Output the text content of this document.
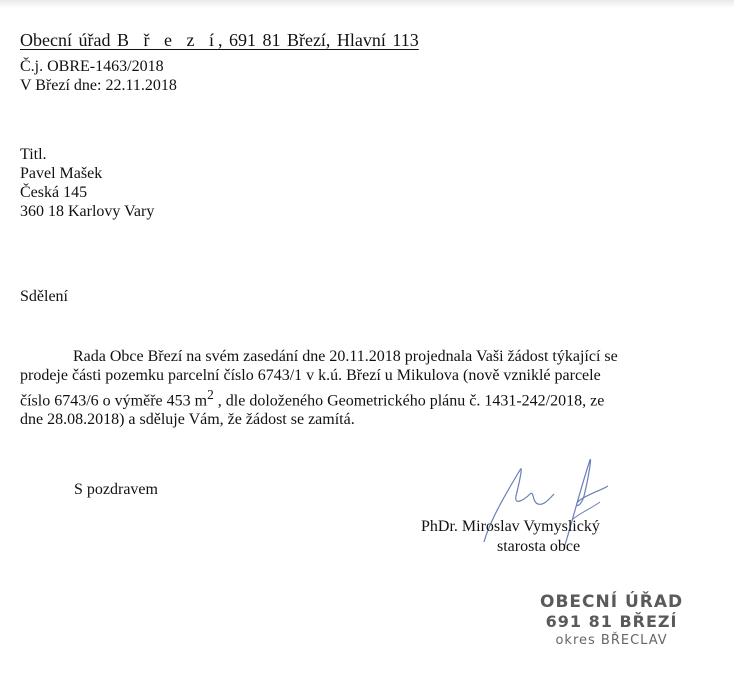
Obecní úřad B ř e z í, 691 81 Březí, Hlavní 113
Č.j. OBRE-1463/2018
V Březí dne: 22.11.2018
Titl.
Pavel Mašek
Česká 145
360 18 Karlovy Vary
Sdělení

Rada Obce Březí na svém zasedání dne 20.11.2018 projednala Vaši žádost týkající se

prodeje části pozemku parcelní číslo 6743/1 v k.ú. Březí u Mikulova (nově vzniklé parcele

číslo 6743/6 o výměře 453 $m^2$ , dle doloženého Geometrického plánu č. 1431-242/2018, ze

dne 28.08.2018) a sděluje Vám, že žádost se zamítá.

S pozdravem
PhDr. Miroslav Vymyslický
starosta obce
OBECNÍ ÚŘAD
691 81 BŘEZÍ
okres BŘECLAV
